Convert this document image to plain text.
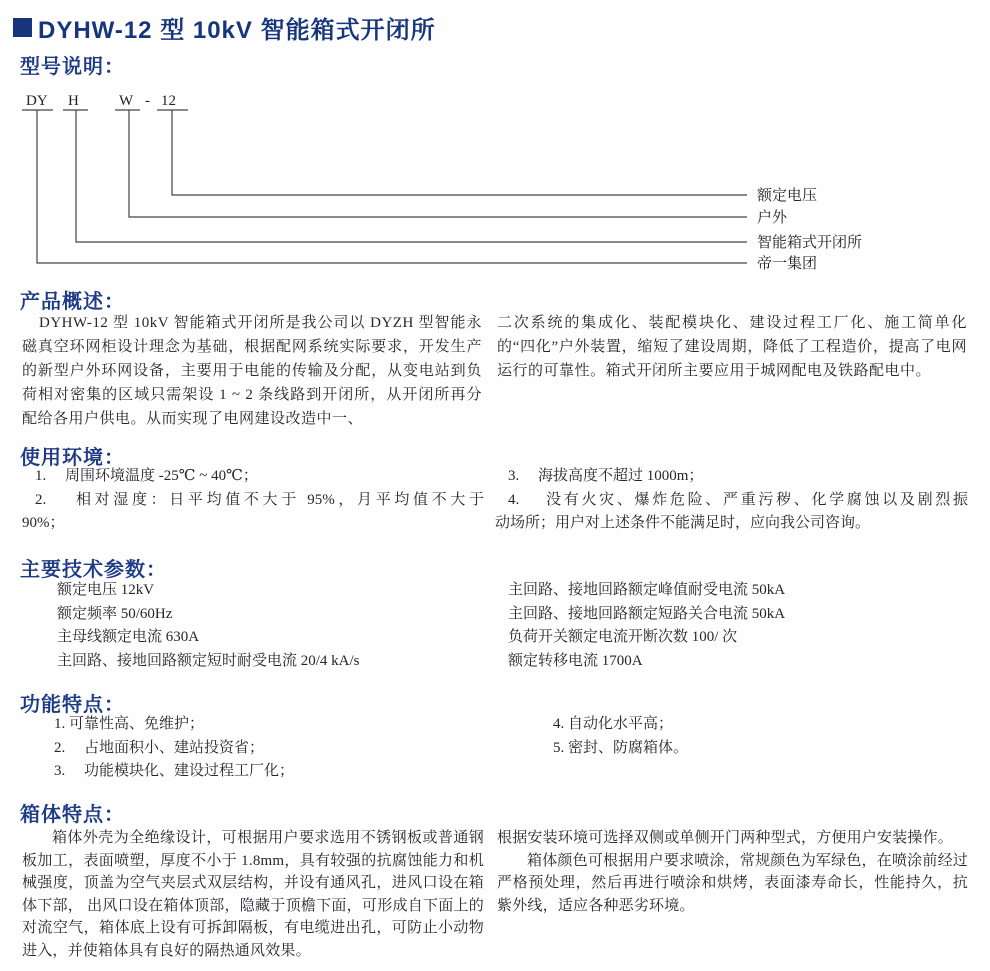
DYHW-12 型 10kV 智能箱式开闭所
型号说明：
DY H	W - 12
额定电压
户外
智能箱式开闭所
帝一集团
产品概述：

DYHW-12 型 10kV 智能箱式开闭所是我公司以 DYZH 型智能永磁真空环网柜设计理念为基础，根据配网系统实际要求，开发生产的新型户外环网设备，主要用于电能的传输及分配，从变电站到负荷相对密集的区域只需架设 1 ~ 2 条线路到开闭所，从开闭所再分配给各用户供电。从而实现了电网建设改造中一、

二次系统的集成化、装配模块化、建设过程工厂化、施工简单化的“四化”户外装置，缩短了建设周期，降低了工程造价，提高了电网运行的可靠性。箱式开闭所主要应用于城网配电及铁路配电中。

使用环境：
1.　 周围环境温度 -25℃ ~ 40℃；
2.　 相对湿度：日平均值不大于 95%，月平均值不大于
90%；
3.　 海拔高度不超过 1000m；
4.　 没有火灾、爆炸危险、严重污秽、化学腐蚀以及剧烈振
动场所；用户对上述条件不能满足时，应向我公司咨询。
主要技术参数：
额定电压 12kV
额定频率 50/60Hz
主母线额定电流 630A
主回路、接地回路额定短时耐受电流 20/4 kA/s
主回路、接地回路额定峰值耐受电流 50kA
主回路、接地回路额定短路关合电流 50kA
负荷开关额定电流开断次数 100/ 次
额定转移电流 1700A
功能特点：
1. 可靠性高、免维护；
2.　 占地面积小、建站投资省；
3.　 功能模块化、建设过程工厂化；
4. 自动化水平高；
5. 密封、防腐箱体。
箱体特点：

箱体外壳为全绝缘设计，可根据用户要求选用不锈钢板或普通钢板加工，表面喷塑，厚度不小于 1.8mm，具有较强的抗腐蚀能力和机械强度，顶盖为空气夹层式双层结构，并设有通风孔，进风口设在箱体下部， 出风口设在箱体顶部，隐藏于顶檐下面，可形成自下面上的对流空气，箱体底上设有可拆卸隔板，有电缆进出孔，可防止小动物进入，并使箱体具有良好的隔热通风效果。

根据安装环境可选择双侧或单侧开门两种型式，方便用户安装操作。

箱体颜色可根据用户要求喷涂，常规颜色为军绿色，在喷涂前经过严格预处理，然后再进行喷涂和烘烤，表面漆寿命长，性能持久，抗紫外线，适应各种恶劣环境。
